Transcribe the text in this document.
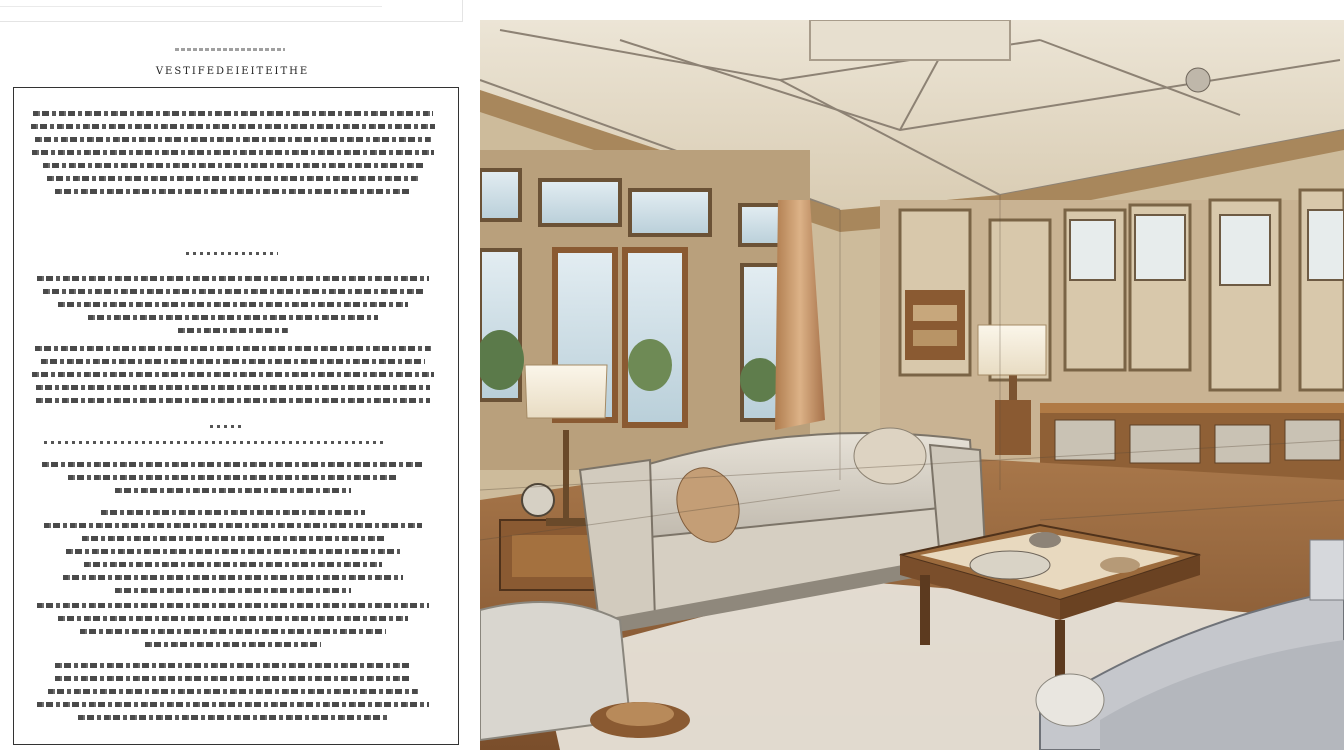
VESTIFEDEIEITEITHE
